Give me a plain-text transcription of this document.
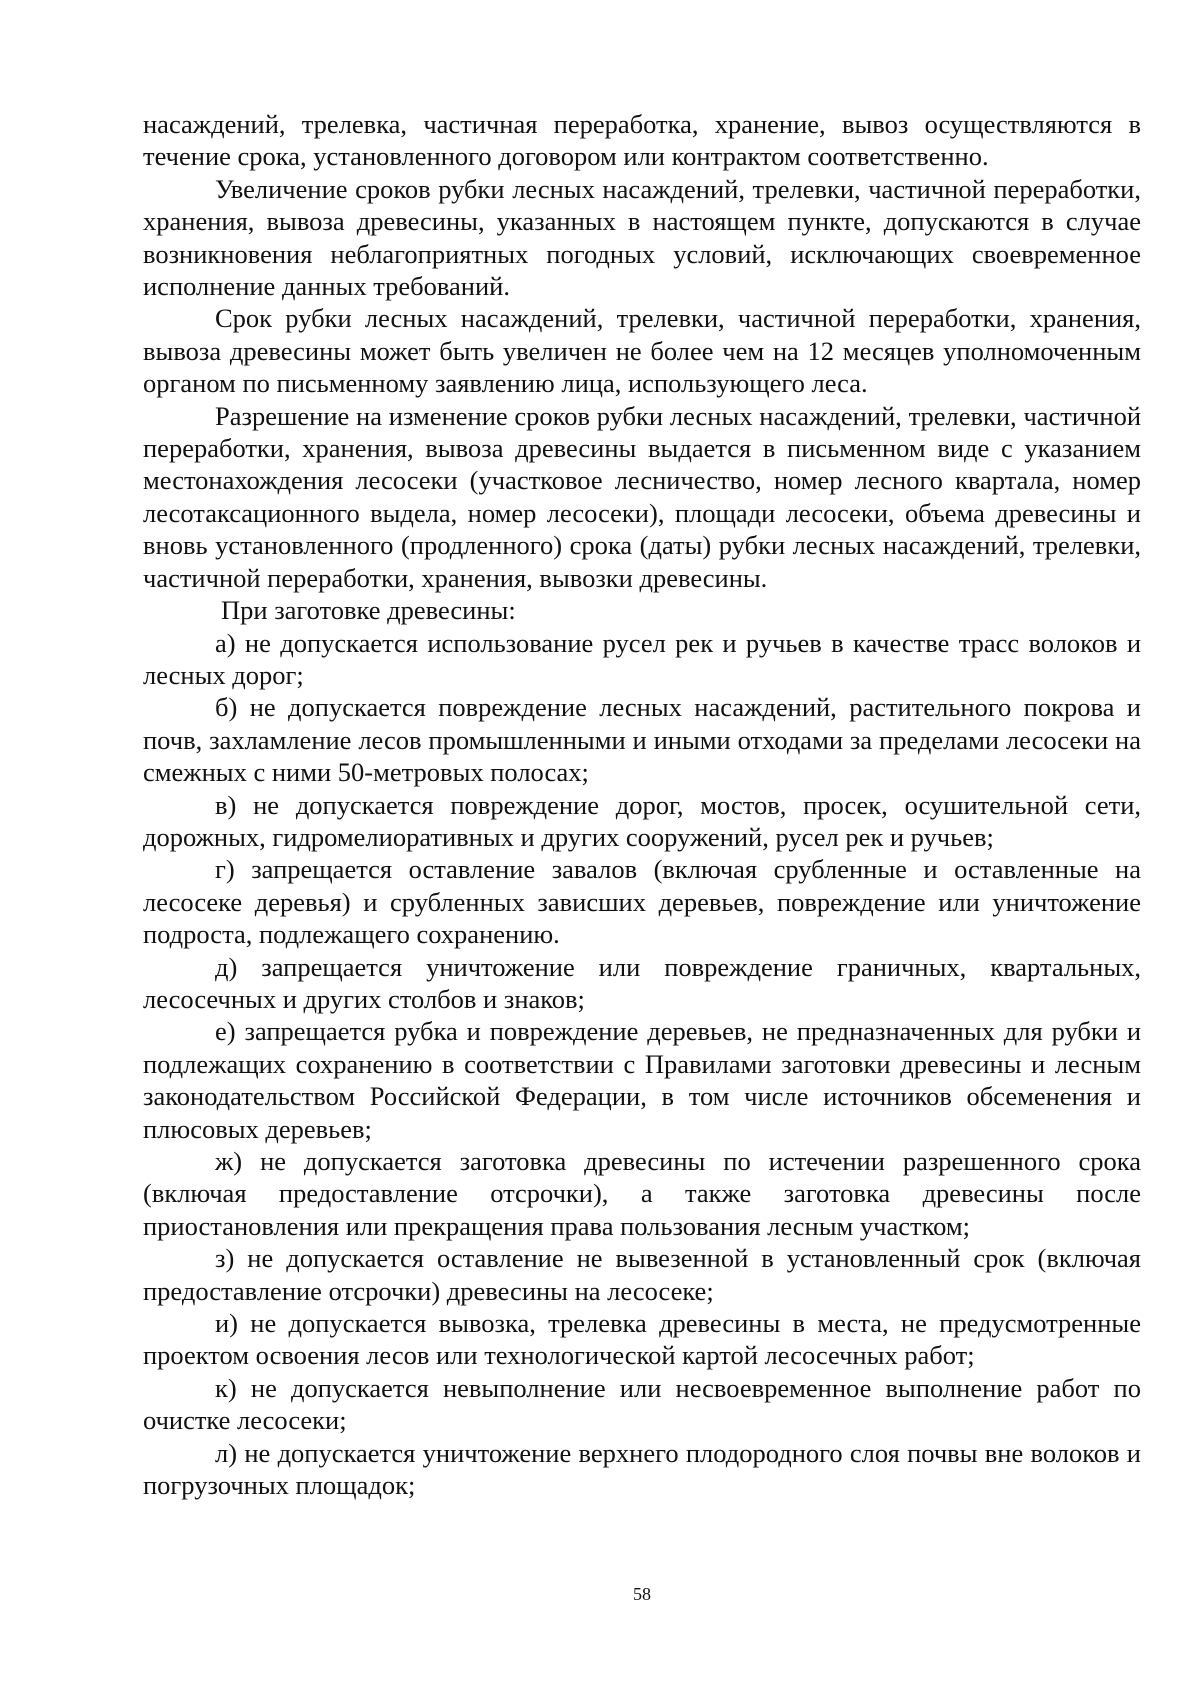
насаждений, трелевка, частичная переработка, хранение, вывоз осуществляются в течение срока, установленного договором или контрактом соответственно.

Увеличение сроков рубки лесных насаждений, трелевки, частичной переработки, хранения, вывоза древесины, указанных в настоящем пункте, допускаются в случае возникновения неблагоприятных погодных условий, исключающих своевременное исполнение данных требований.

Срок рубки лесных насаждений, трелевки, частичной переработки, хранения, вывоза древесины может быть увеличен не более чем на 12 месяцев уполномоченным органом по письменному заявлению лица, использующего леса.

Разрешение на изменение сроков рубки лесных насаждений, трелевки, частичной переработки, хранения, вывоза древесины выдается в письменном виде с указанием местонахождения лесосеки (участковое лесничество, номер лесного квартала, номер лесотаксационного выдела, номер лесосеки), площади лесосеки, объема древесины и вновь установленного (продленного) срока (даты) рубки лесных насаждений, трелевки, частичной переработки, хранения, вывозки древесины.

При заготовке древесины:

а) не допускается использование русел рек и ручьев в качестве трасс волоков и лесных дорог;

б) не допускается повреждение лесных насаждений, растительного покрова и почв, захламление лесов промышленными и иными отходами за пределами лесосеки на смежных с ними 50-метровых полосах;

в) не допускается повреждение дорог, мостов, просек, осушительной сети, дорожных, гидромелиоративных и других сооружений, русел рек и ручьев;

г) запрещается оставление завалов (включая срубленные и оставленные на лесосеке деревья) и срубленных зависших деревьев, повреждение или уничтожение подроста, подлежащего сохранению.

д) запрещается уничтожение или повреждение граничных, квартальных, лесосечных и других столбов и знаков;

е) запрещается рубка и повреждение деревьев, не предназначенных для рубки и подлежащих сохранению в соответствии с Правилами заготовки древесины и лесным законодательством Российской Федерации, в том числе источников обсеменения и плюсовых деревьев;

ж) не допускается заготовка древесины по истечении разрешенного срока (включая предоставление отсрочки), а также заготовка древесины после приостановления или прекращения права пользования лесным участком;

з) не допускается оставление не вывезенной в установленный срок (включая предоставление отсрочки) древесины на лесосеке;

и) не допускается вывозка, трелевка древесины в места, не предусмотренные проектом освоения лесов или технологической картой лесосечных работ;

к) не допускается невыполнение или несвоевременное выполнение работ по очистке лесосеки;

л) не допускается уничтожение верхнего плодородного слоя почвы вне волоков и погрузочных площадок;

58
